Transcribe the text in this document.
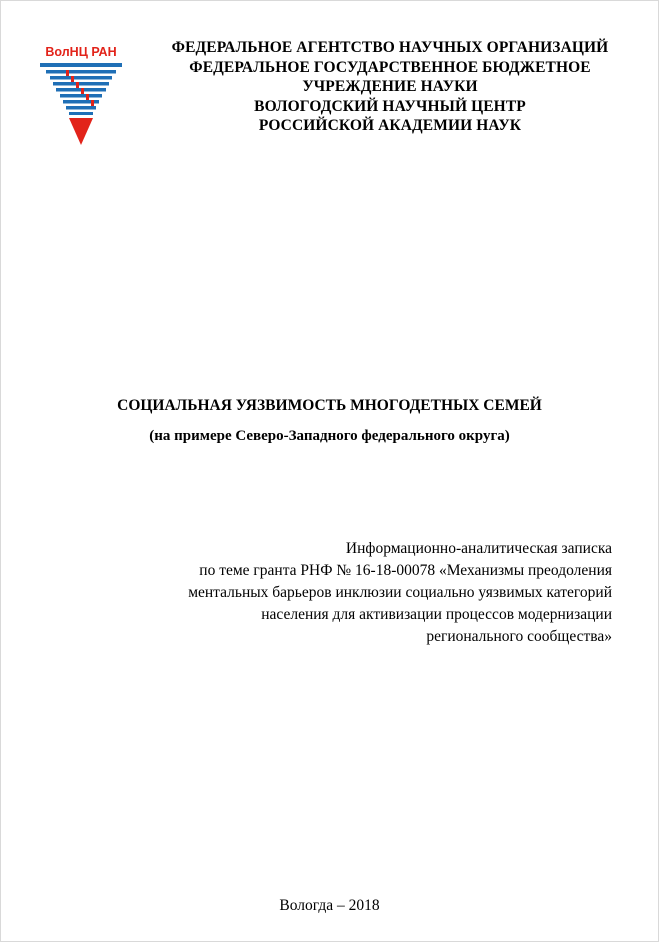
ВолНЦ РАН	ФЕДЕРАЛЬНОЕ АГЕНТСТВО НАУЧНЫХ ОРГАНИЗАЦИЙ
ФЕДЕРАЛЬНОЕ ГОСУДАРСТВЕННОЕ БЮДЖЕТНОЕ
УЧРЕЖДЕНИЕ НАУКИ
ВОЛОГОДСКИЙ НАУЧНЫЙ ЦЕНТР
РОССИЙСКОЙ АКАДЕМИИ НАУК
СОЦИАЛЬНАЯ УЯЗВИМОСТЬ МНОГОДЕТНЫХ СЕМЕЙ
(на примере Северо-Западного федерального округа)
Информационно-аналитическая записка
по теме гранта РНФ № 16-18-00078 «Механизмы преодоления
ментальных барьеров инклюзии социально уязвимых категорий
населения для активизации процессов модернизации
регионального сообщества»
Вологда – 2018
